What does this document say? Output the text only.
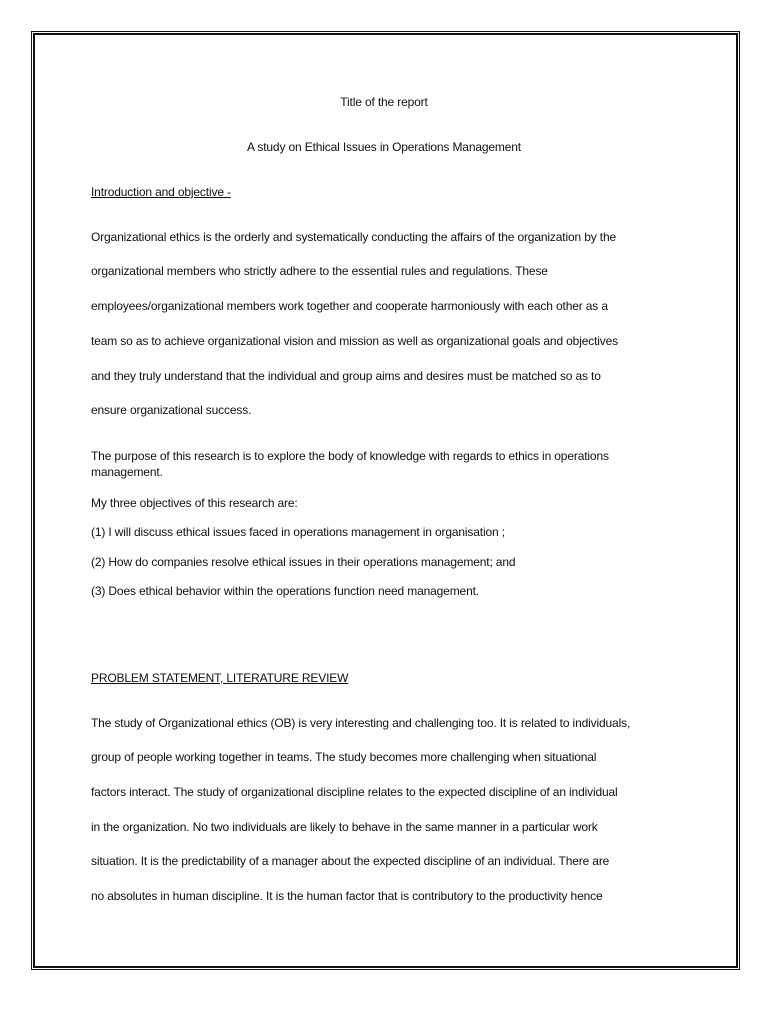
Title of the report
A study on Ethical Issues in Operations Management
Introduction and objective -
Organizational ethics is the orderly and systematically conducting the affairs of the organization by the
organizational members who strictly adhere to the essential rules and regulations. These
employees/organizational members work together and cooperate harmoniously with each other as a
team so as to achieve organizational vision and mission as well as organizational goals and objectives
and they truly understand that the individual and group aims and desires must be matched so as to
ensure organizational success.
The purpose of this research is to explore the body of knowledge with regards to ethics in operations management.
My three objectives of this research are:
(1) I will discuss ethical issues faced in operations management in organisation ;
(2) How do companies resolve ethical issues in their operations management; and
(3) Does ethical behavior within the operations function need management.
PROBLEM STATEMENT, LITERATURE REVIEW
The study of Organizational ethics (OB) is very interesting and challenging too. It is related to individuals,
group of people working together in teams. The study becomes more challenging when situational
factors interact. The study of organizational discipline relates to the expected discipline of an individual
in the organization. No two individuals are likely to behave in the same manner in a particular work
situation. It is the predictability of a manager about the expected discipline of an individual. There are
no absolutes in human discipline. It is the human factor that is contributory to the productivity hence
